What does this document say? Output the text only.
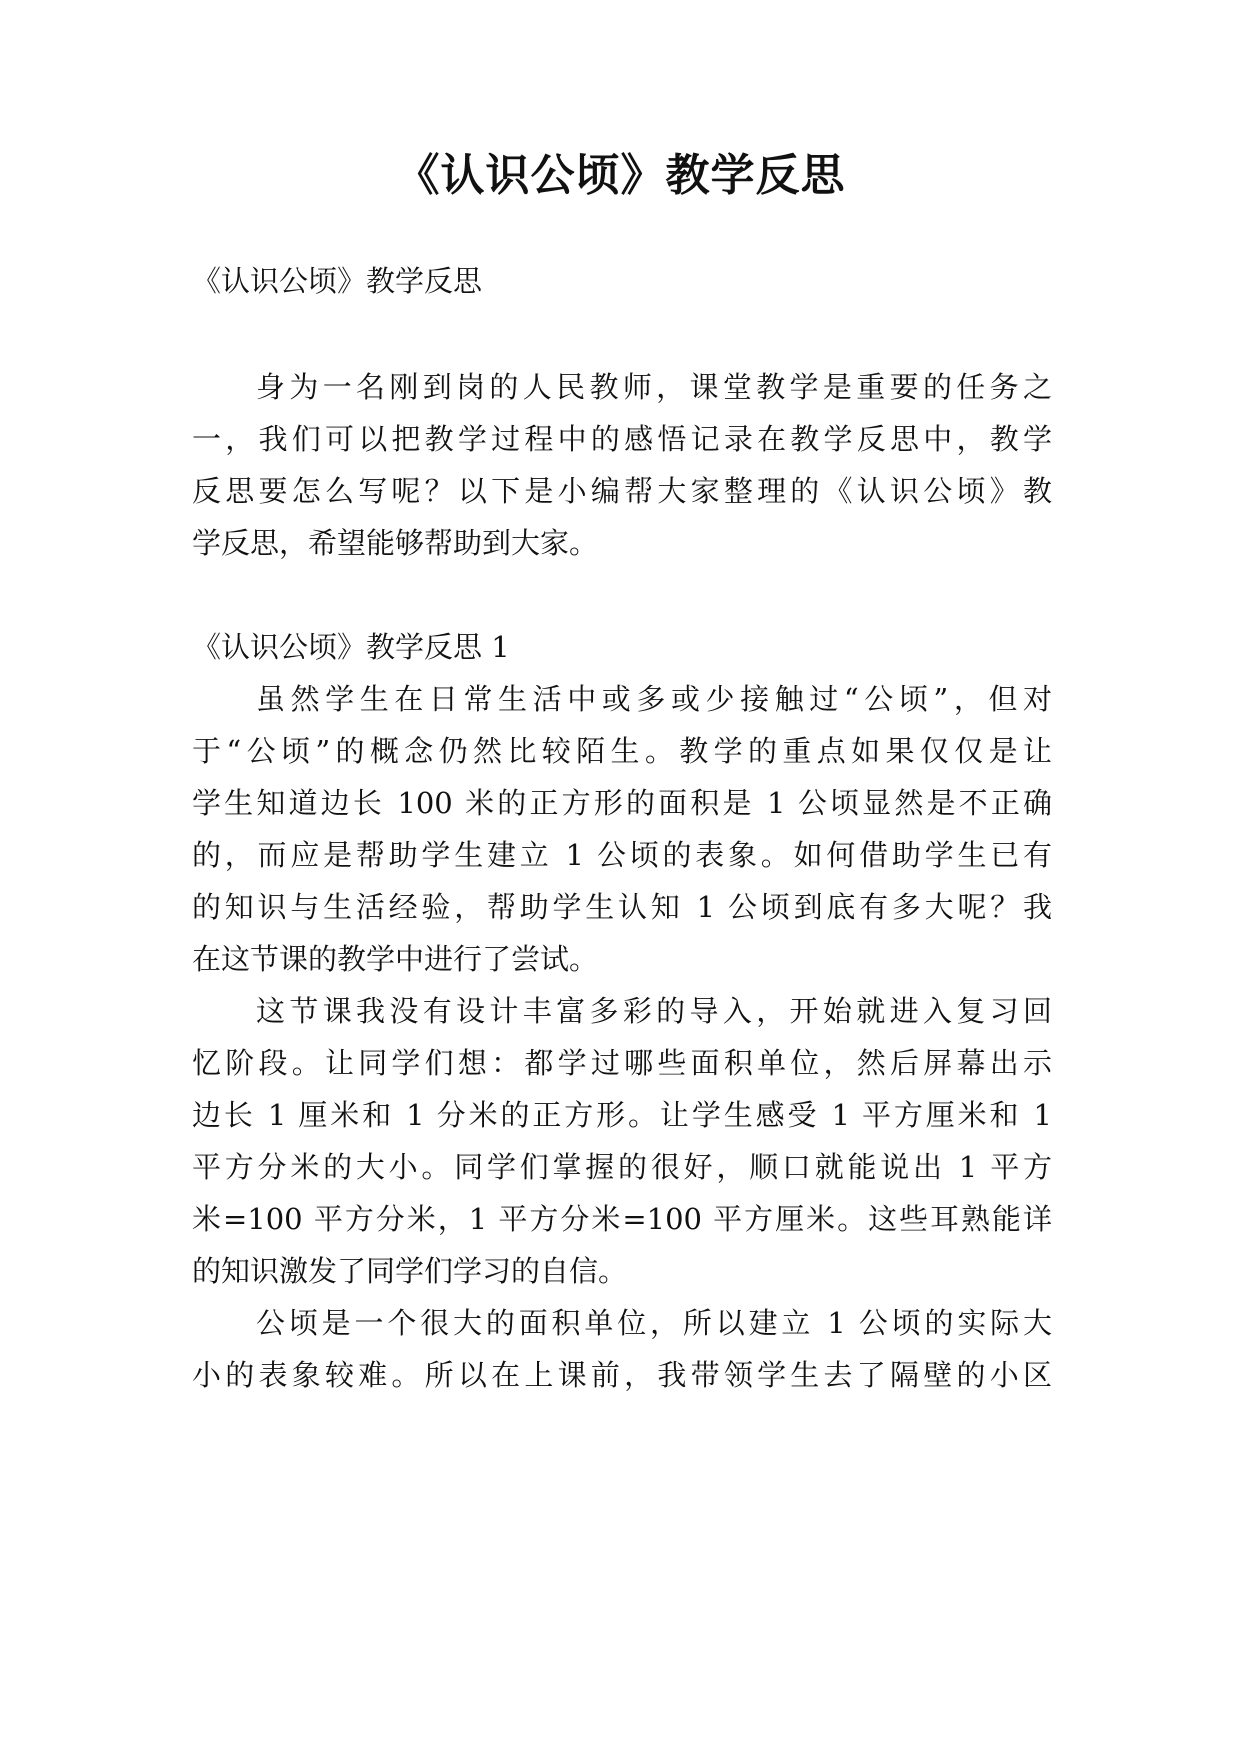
《认识公顷》教学反思
《认识公顷》教学反思
身为一名刚到岗的人民教师，课堂教学是重要的任务之
一，我们可以把教学过程中的感悟记录在教学反思中，教学
反思要怎么写呢？以下是小编帮大家整理的《认识公顷》教
学反思，希望能够帮助到大家。
《认识公顷》教学反思 1
虽然学生在日常生活中或多或少接触过“公顷”，但对
于“公顷”的概念仍然比较陌生。教学的重点如果仅仅是让
学生知道边长 100 米的正方形的面积是 1 公顷显然是不正确
的，而应是帮助学生建立 1 公顷的表象。如何借助学生已有
的知识与生活经验，帮助学生认知 1 公顷到底有多大呢？我
在这节课的教学中进行了尝试。
这节课我没有设计丰富多彩的导入，开始就进入复习回
忆阶段。让同学们想：都学过哪些面积单位，然后屏幕出示
边长 1 厘米和 1 分米的正方形。让学生感受 1 平方厘米和 1
平方分米的大小。同学们掌握的很好，顺口就能说出 1 平方
米=100 平方分米，1 平方分米=100 平方厘米。这些耳熟能详
的知识激发了同学们学习的自信。
公顷是一个很大的面积单位，所以建立 1 公顷的实际大
小的表象较难。所以在上课前，我带领学生去了隔壁的小区
